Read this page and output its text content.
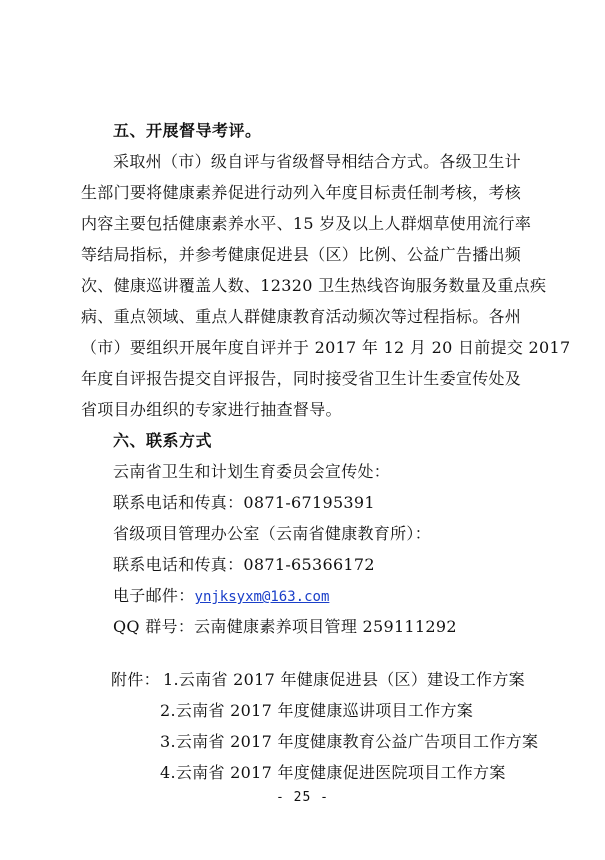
五、开展督导考评。
采取州（市）级自评与省级督导相结合方式。各级卫生计
生部门要将健康素养促进行动列入年度目标责任制考核，考核
内容主要包括健康素养水平、15 岁及以上人群烟草使用流行率
等结局指标，并参考健康促进县（区）比例、公益广告播出频
次、健康巡讲覆盖人数、12320 卫生热线咨询服务数量及重点疾
病、重点领域、重点人群健康教育活动频次等过程指标。各州
（市）要组织开展年度自评并于 2017 年 12 月 20 日前提交 2017
年度自评报告提交自评报告，同时接受省卫生计生委宣传处及
省项目办组织的专家进行抽查督导。
六、联系方式
云南省卫生和计划生育委员会宣传处：
联系电话和传真：0871-67195391
省级项目管理办公室（云南省健康教育所）：
联系电话和传真：0871-65366172
电子邮件：ynjksyxm@163.com
QQ 群号：云南健康素养项目管理 259111292
附件： 1.云南省 2017 年健康促进县（区）建设工作方案
2.云南省 2017 年度健康巡讲项目工作方案
3.云南省 2017 年度健康教育公益广告项目工作方案
4.云南省 2017 年度健康促进医院项目工作方案
- 25 -
